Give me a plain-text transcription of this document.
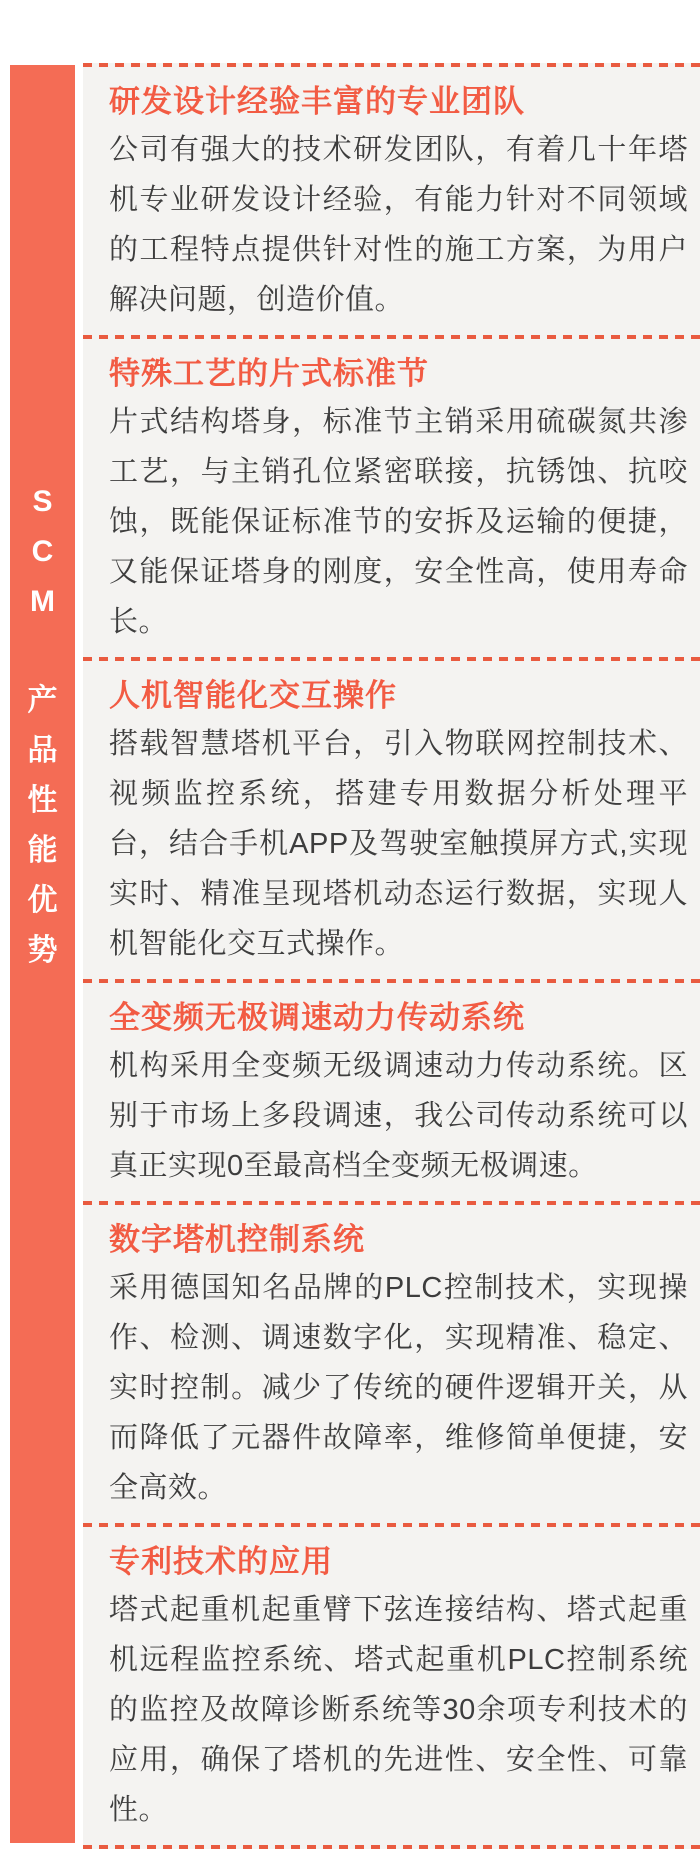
S
C
M
产
品
性
能
优
势
研发设计经验丰富的专业团队

公司有强大的技术研发团队，有着几十年塔机专业研发设计经验，有能力针对不同领域的工程特点提供针对性的施工方案，为用户解决问题，创造价值。

特殊工艺的片式标准节

片式结构塔身，标准节主销采用硫碳氮共渗工艺，与主销孔位紧密联接，抗锈蚀、抗咬蚀，既能保证标准节的安拆及运输的便捷，又能保证塔身的刚度，安全性高，使用寿命长。

人机智能化交互操作

搭载智慧塔机平台，引入物联网控制技术、视频监控系统，搭建专用数据分析处理平台，结合手机APP及驾驶室触摸屏方式,实现实时、精准呈现塔机动态运行数据，实现人机智能化交互式操作。

全变频无极调速动力传动系统

机构采用全变频无级调速动力传动系统。区别于市场上多段调速，我公司传动系统可以真正实现0至最高档全变频无极调速。

数字塔机控制系统

采用德国知名品牌的PLC控制技术，实现操作、检测、调速数字化，实现精准、稳定、实时控制。减少了传统的硬件逻辑开关，从而降低了元器件故障率，维修简单便捷，安全高效。

专利技术的应用

塔式起重机起重臂下弦连接结构、塔式起重机远程监控系统、塔式起重机PLC控制系统的监控及故障诊断系统等30余项专利技术的应用，确保了塔机的先进性、安全性、可靠性。
